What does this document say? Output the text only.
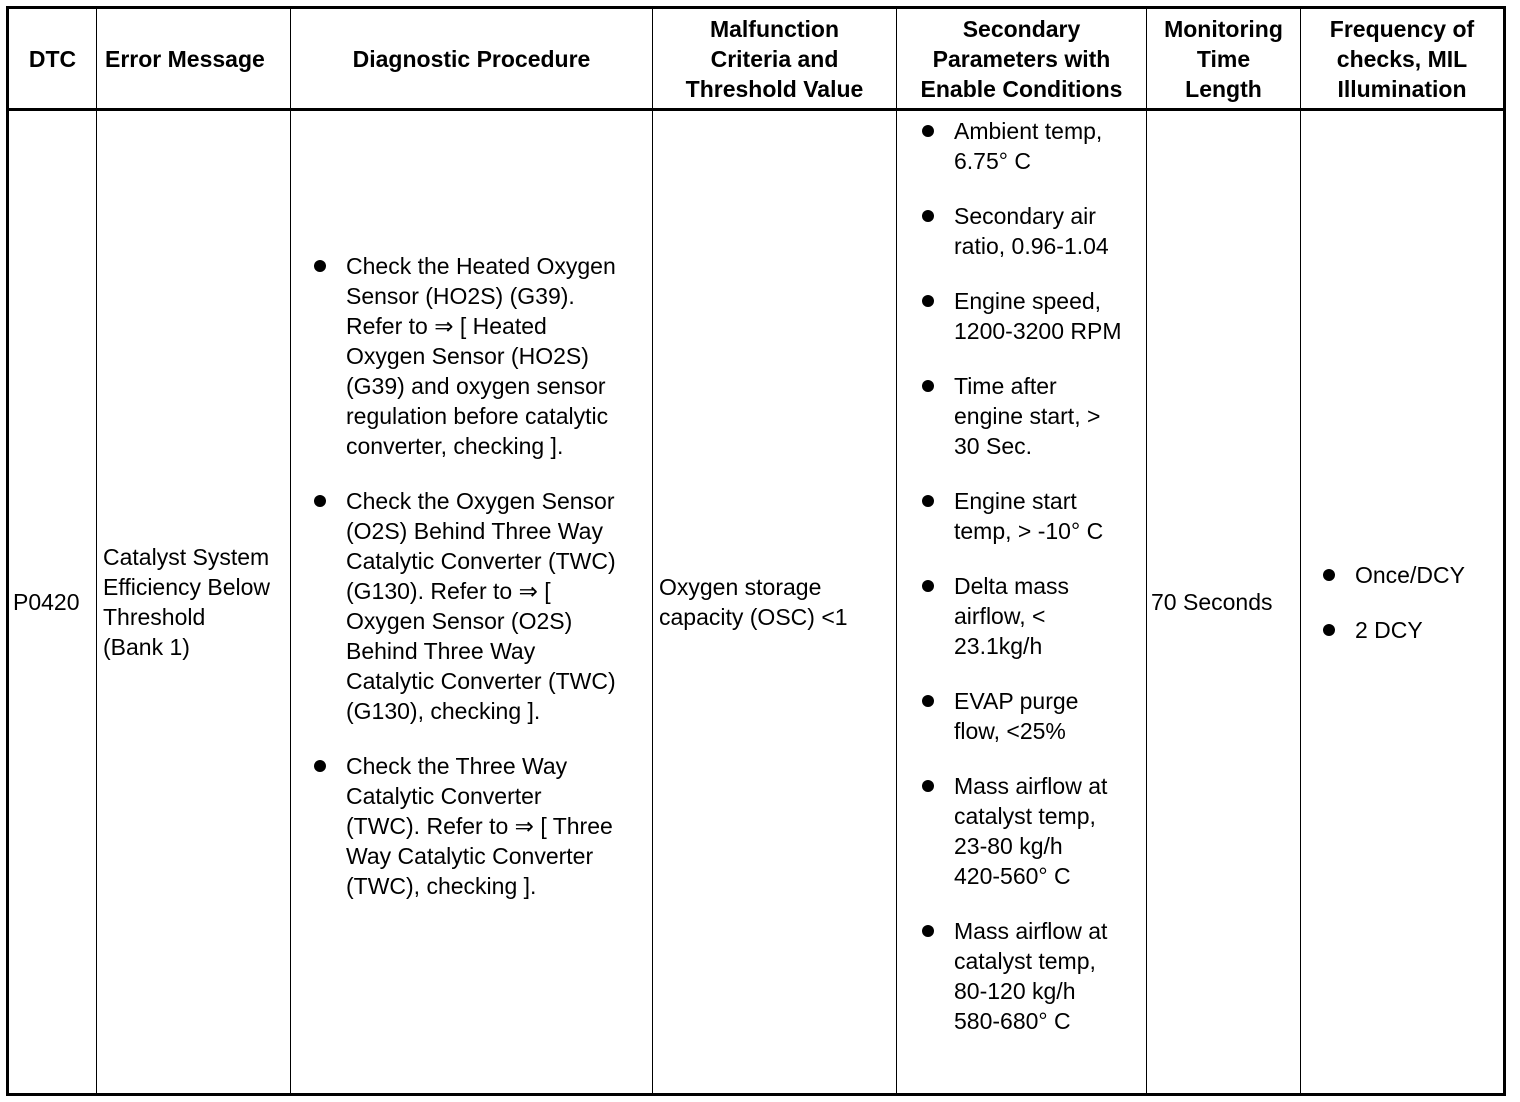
DTC	Error Message	Diagnostic Procedure
Malfunction
Criteria and
Threshold Value
Secondary
Parameters with
Enable Conditions
Monitoring
Time
Length
Frequency of
checks, MIL
Illumination
P0420
Catalyst System
Efficiency Below
Threshold
(Bank 1)
Check the Heated Oxygen
Sensor (HO2S) (G39).
Refer to ⇒ [ Heated
Oxygen Sensor (HO2S)
(G39) and oxygen sensor
regulation before catalytic
converter, checking ].
Check the Oxygen Sensor
(O2S) Behind Three Way
Catalytic Converter (TWC)
(G130). Refer to ⇒ [
Oxygen Sensor (O2S)
Behind Three Way
Catalytic Converter (TWC)
(G130), checking ].
Check the Three Way
Catalytic Converter
(TWC). Refer to ⇒ [ Three
Way Catalytic Converter
(TWC), checking ].
Oxygen storage
capacity (OSC) <1
Ambient temp,
6.75° C
Secondary air
ratio, 0.96-1.04
Engine speed,
1200-3200 RPM
Time after
engine start, >
30 Sec.
Engine start
temp, > -10° C
Delta mass
airflow, <
23.1kg/h
EVAP purge
flow, <25%
Mass airflow at
catalyst temp,
23-80 kg/h
420-560° C
Mass airflow at
catalyst temp,
80-120 kg/h
580-680° C
70 Seconds
Once/DCY
2 DCY
